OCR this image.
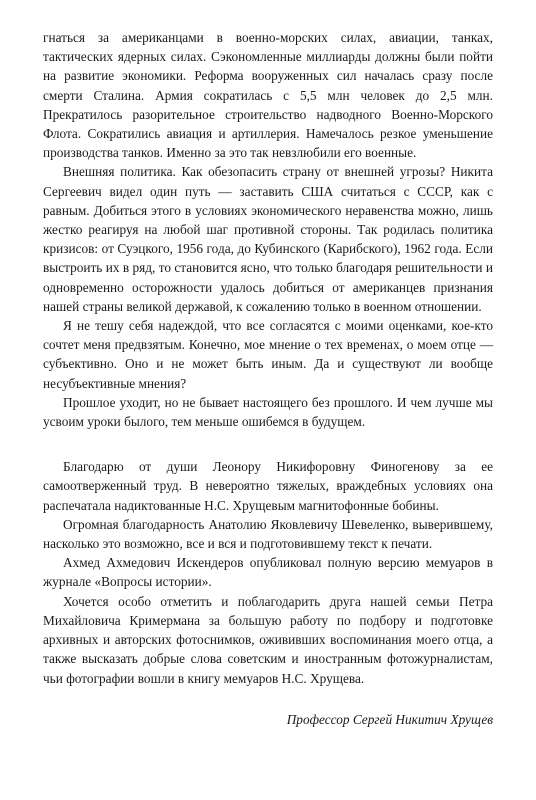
гнаться за американцами в военно-морских силах, авиации, танках, тактических ядерных силах. Сэкономленные миллиарды должны были пойти на развитие экономики. Реформа вооруженных сил началась сразу после смерти Сталина. Армия сократилась с 5,5 млн человек до 2,5 млн. Прекратилось разорительное строительство надводного Военно-Морского Флота. Сократились авиация и артиллерия. Намечалось резкое уменьшение производства танков. Именно за это так невзлюбили его военные.

Внешняя политика. Как обезопасить страну от внешней угрозы? Никита Сергеевич видел один путь — заставить США считаться с СССР, как с равным. Добиться этого в условиях экономического неравенства можно, лишь жестко реагируя на любой шаг противной стороны. Так родилась политика кризисов: от Суэцкого, 1956 года, до Кубинского (Карибского), 1962 года. Если выстроить их в ряд, то становится ясно, что только благодаря решительности и одновременно осторожности удалось добиться от американцев признания нашей страны великой державой, к сожалению только в военном отношении.

Я не тешу себя надеждой, что все согласятся с моими оценками, кое-кто сочтет меня предвзятым. Конечно, мое мнение о тех временах, о моем отце — субъективно. Оно и не может быть иным. Да и существуют ли вообще несубъективные мнения?

Прошлое уходит, но не бывает настоящего без прошлого. И чем лучше мы усвоим уроки былого, тем меньше ошибемся в будущем.

Благодарю от души Леонору Никифоровну Финогенову за ее самоотверженный труд. В невероятно тяжелых, враждебных условиях она распечатала надиктованные Н.С. Хрущевым магнитофонные бобины.

Огромная благодарность Анатолию Яковлевичу Шевеленко, выверившему, насколько это возможно, все и вся и подготовившему текст к печати.

Ахмед Ахмедович Искендеров опубликовал полную версию мемуаров в журнале «Вопросы истории».

Хочется особо отметить и поблагодарить друга нашей семьи Петра Михайловича Кримермана за большую работу по подбору и подготовке архивных и авторских фотоснимков, ожививших воспоминания моего отца, а также высказать добрые слова советским и иностранным фотожурналистам, чьи фотографии вошли в книгу мемуаров Н.С. Хрущева.

Профессор Сергей Никитич Хрущев
